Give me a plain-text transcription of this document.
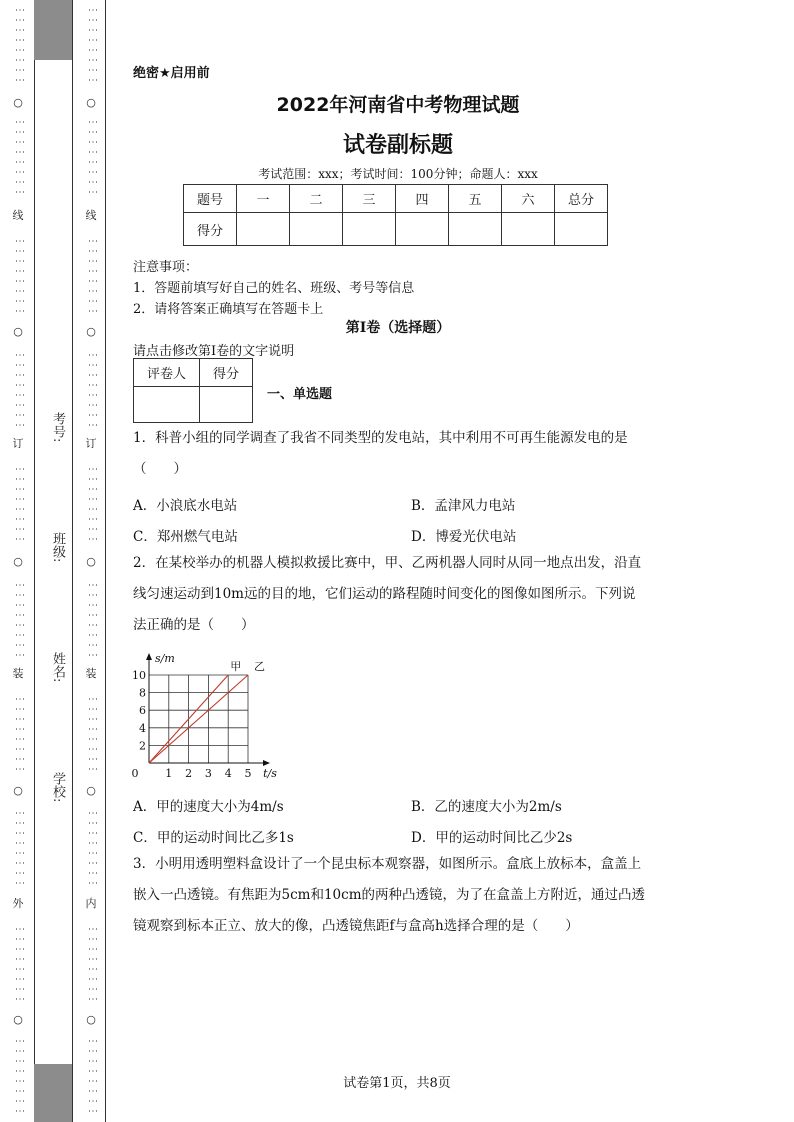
⋮⋮⋮⋮⋮⋮⋮⋮
○
⋮⋮⋮⋮⋮⋮⋮⋮
线
⋮⋮⋮⋮⋮⋮⋮⋮
○
⋮⋮⋮⋮⋮⋮⋮⋮
订
⋮⋮⋮⋮⋮⋮⋮⋮
○
⋮⋮⋮⋮⋮⋮⋮⋮
装
⋮⋮⋮⋮⋮⋮⋮⋮
○
⋮⋮⋮⋮⋮⋮⋮⋮
外
⋮⋮⋮⋮⋮⋮⋮⋮
○
⋮⋮⋮⋮⋮⋮⋮⋮
考号:
班级:
姓名:
学校:
⋮⋮⋮⋮⋮⋮⋮⋮
○
⋮⋮⋮⋮⋮⋮⋮⋮
线
⋮⋮⋮⋮⋮⋮⋮⋮
○
⋮⋮⋮⋮⋮⋮⋮⋮
订
⋮⋮⋮⋮⋮⋮⋮⋮
○
⋮⋮⋮⋮⋮⋮⋮⋮
装
⋮⋮⋮⋮⋮⋮⋮⋮
○
⋮⋮⋮⋮⋮⋮⋮⋮
内
⋮⋮⋮⋮⋮⋮⋮⋮
○
⋮⋮⋮⋮⋮⋮⋮⋮
绝密★启用前
2022年河南省中考物理试题
试卷副标题
考试范围：xxx；考试时间：100分钟；命题人：xxx
题号	一	二	三	四	五	六	总分
得分							
注意事项：
1．答题前填写好自己的姓名、班级、考号等信息
2．请将答案正确填写在答题卡上
第I卷（选择题）
请点击修改第I卷的文字说明
评卷人	得分

一、单选题
1．科普小组的同学调查了我省不同类型的发电站，其中利用不可再生能源发电的是
（　　）
A．小浪底水电站	B．孟津风力电站
C．郑州燃气电站	D．博爱光伏电站
2．在某校举办的机器人模拟救援比赛中，甲、乙两机器人同时从同一地点出发，沿直
线匀速运动到10m远的目的地，它们运动的路程随时间变化的图像如图所示。下列说
法正确的是（　　）
0 1 2 3 4 5
2
4
6
8
10
t/s
s/m
甲 乙
A．甲的速度大小为4m/s	B．乙的速度大小为2m/s
C．甲的运动时间比乙多1s	D．甲的运动时间比乙少2s
3．小明用透明塑料盒设计了一个昆虫标本观察器，如图所示。盒底上放标本，盒盖上
嵌入一凸透镜。有焦距为5cm和10cm的两种凸透镜，为了在盒盖上方附近，通过凸透
镜观察到标本正立、放大的像，凸透镜焦距f与盒高h选择合理的是（　　）
试卷第1页，共8页
